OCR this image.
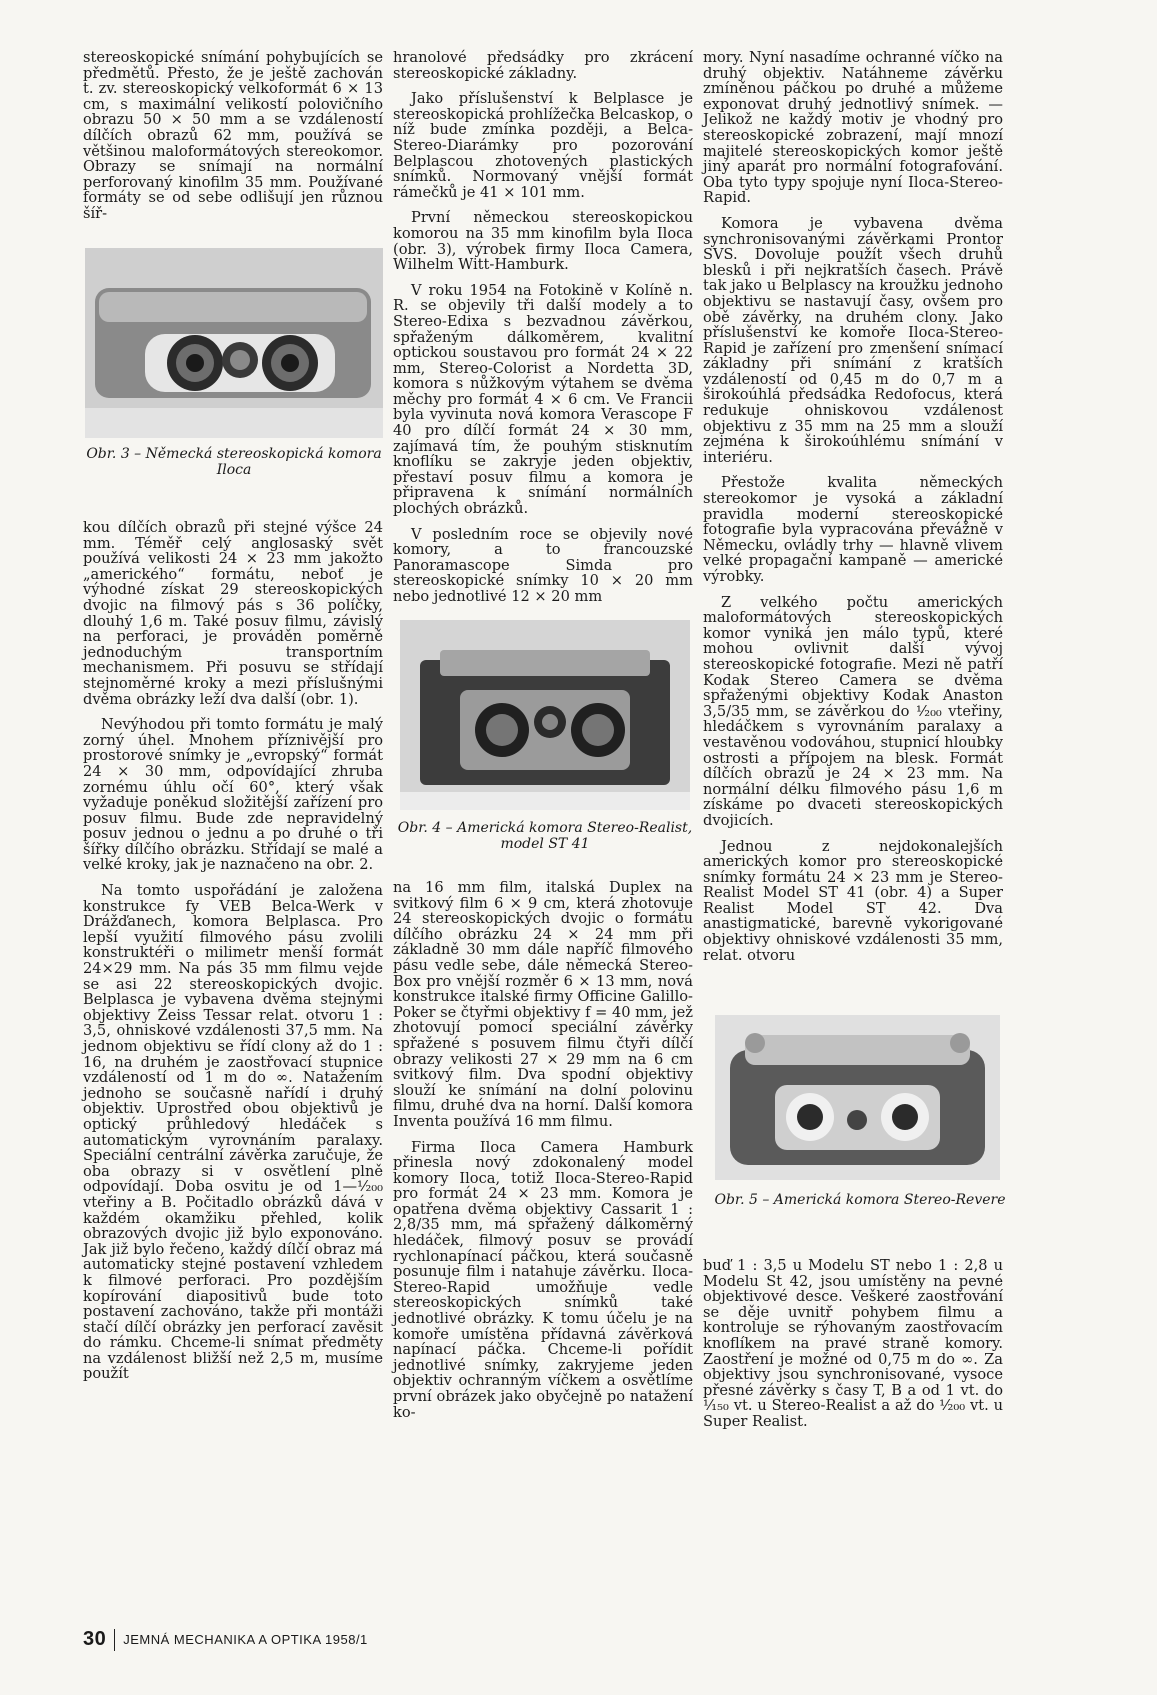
stereoskopické snímání pohybujících se předmětů. Přesto, že je ještě zachován t. zv. stereoskopický velkoformát 6 × 13 cm, s maximální velikostí polovičního obrazu 50 × 50 mm a se vzdáleností dílčích obrazů 62 mm, používá se většinou maloformátových stereokomor. Obrazy se snímají na normální perforovaný kinofilm 35 mm. Používané formáty se od sebe odlišují jen různou šíř-

Obr. 3 – Německá stereoskopická komora Iloca

kou dílčích obrazů při stejné výšce 24 mm. Téměř celý anglosaský svět používá velikosti 24 × 23 mm jakožto „amerického“ formátu, neboť je výhodné získat 29 stereoskopických dvojic na filmový pás s 36 políčky, dlouhý 1,6 m. Také posuv filmu, závislý na perforaci, je prováděn poměrně jednoduchým transportním mechanismem. Při posuvu se střídají stejnoměrné kroky a mezi příslušnými dvěma obrázky leží dva další (obr. 1).

Nevýhodou při tomto formátu je malý zorný úhel. Mnohem příznivější pro prostorové snímky je „evropský“ formát 24 × 30 mm, odpovídající zhruba zornému úhlu očí 60°, který však vyžaduje poněkud složitější zařízení pro posuv filmu. Bude zde nepravidelný posuv jednou o jednu a po druhé o tři šířky dílčího obrázku. Střídají se malé a velké kroky, jak je naznačeno na obr. 2.

Na tomto uspořádání je založena konstrukce fy VEB Belca-Werk v Drážďanech, komora Belplasca. Pro lepší využití filmového pásu zvolili konstruktéři o milimetr menší formát 24×29 mm. Na pás 35 mm filmu vejde se asi 22 stereoskopických dvojic. Belplasca je vybavena dvěma stejnými objektivy Zeiss Tessar relat. otvoru 1 : 3,5, ohniskové vzdálenosti 37,5 mm. Na jednom objektivu se řídí clony až do 1 : 16, na druhém je zaostřovací stupnice vzdáleností od 1 m do ∞. Natažením jednoho se současně nařídí i druhý objektiv. Uprostřed obou objektivů je optický průhledový hledáček s automatickým vyrovnáním paralaxy. Speciální centrální závěrka zaručuje, že oba obrazy si v osvětlení plně odpovídají. Doba osvitu je od 1—¹⁄₂₀₀ vteřiny a B. Počitadlo obrázků dává v každém okamžiku přehled, kolik obrazových dvojic již bylo exponováno. Jak již bylo řečeno, každý dílčí obraz má automaticky stejné postavení vzhledem k filmové perforaci. Pro pozdějším kopírování diapositivů bude toto postavení zachováno, takže při montáži stačí dílčí obrázky jen perforací zavěsit do rámku. Chceme-li snímat předměty na vzdálenost bližší než 2,5 m, musíme použít

hranolové předsádky pro zkrácení stereoskopické základny.

Jako příslušenství k Belplasce je stereoskopická prohlížečka Belcaskop, o níž bude zmínka později, a Belca-Stereo-Diarámky pro pozorování Belplascou zhotovených plastických snímků. Normovaný vnější formát rámečků je 41 × 101 mm.

První německou stereoskopickou komorou na 35 mm kinofilm byla Iloca (obr. 3), výrobek firmy Iloca Camera, Wilhelm Witt-Hamburk.

V roku 1954 na Fotokině v Kolíně n. R. se objevily tři další modely a to Stereo-Edixa s bezvadnou závěrkou, spřaženým dálkoměrem, kvalitní optickou soustavou pro formát 24 × 22 mm, Stereo-Colorist a Nordetta 3D, komora s nůžkovým výtahem se dvěma měchy pro formát 4 × 6 cm. Ve Francii byla vyvinuta nová komora Verascope F 40 pro dílčí formát 24 × 30 mm, zajímavá tím, že pouhým stisknutím knoflíku se zakryje jeden objektiv, přestaví posuv filmu a komora je připravena k snímání normálních plochých obrázků.

V posledním roce se objevily nové komory, a to francouzské Panoramascope Simda pro stereoskopické snímky 10 × 20 mm nebo jednotlivé 12 × 20 mm

Obr. 4 – Americká komora Stereo-Realist, model ST 41

na 16 mm film, italská Duplex na svitkový film 6 × 9 cm, která zhotovuje 24 stereoskopických dvojic o formátu dílčího obrázku 24 × 24 mm při základně 30 mm dále napříč filmového pásu vedle sebe, dále německá Stereo-Box pro vnější rozměr 6 × 13 mm, nová konstrukce italské firmy Officine Galillo-Poker se čtyřmi objektivy f = 40 mm, jež zhotovují pomocí speciální závěrky spřažené s posuvem filmu čtyři dílčí obrazy velikosti 27 × 29 mm na 6 cm svitkový film. Dva spodní objektivy slouží ke snímání na dolní polovinu filmu, druhé dva na horní. Další komora Inventa používá 16 mm filmu.

Firma Iloca Camera Hamburk přinesla nový zdokonalený model komory Iloca, totiž Iloca-Stereo-Rapid pro formát 24 × 23 mm. Komora je opatřena dvěma objektivy Cassarit 1 : 2,8/35 mm, má spřažený dálkoměrný hledáček, filmový posuv se provádí rychlonapínací páčkou, která současně posunuje film i natahuje závěrku. Iloca-Stereo-Rapid umožňuje vedle stereoskopických snímků také jednotlivé obrázky. K tomu účelu je na komoře umístěna přídavná závěrková napínací páčka. Chceme-li pořídit jednotlivé snímky, zakryjeme jeden objektiv ochranným víčkem a osvětlíme první obrázek jako obyčejně po natažení ko-

mory. Nyní nasadíme ochranné víčko na druhý objektiv. Natáhneme závěrku zmíněnou páčkou po druhé a můžeme exponovat druhý jednotlivý snímek. — Jelikož ne každý motiv je vhodný pro stereoskopické zobrazení, mají mnozí majitelé stereoskopických komor ještě jiný aparát pro normální fotografování. Oba tyto typy spojuje nyní Iloca-Stereo-Rapid.

Komora je vybavena dvěma synchronisovanými závěrkami Prontor SVS. Dovoluje použít všech druhů blesků i při nejkratších časech. Právě tak jako u Belplascy na kroužku jednoho objektivu se nastavují časy, ovšem pro obě závěrky, na druhém clony. Jako příslušenství ke komoře Iloca-Stereo-Rapid je zařízení pro zmenšení snímací základny při snímání z kratších vzdáleností od 0,45 m do 0,7 m a širokoúhlá předsádka Redofocus, která redukuje ohniskovou vzdálenost objektivu z 35 mm na 25 mm a slouží zejména k širokoúhlému snímání v interiéru.

Přestože kvalita německých stereokomor je vysoká a základní pravidla moderní stereoskopické fotografie byla vypracována převážně v Německu, ovládly trhy — hlavně vlivem velké propagační kampaně — americké výrobky.

Z velkého počtu amerických maloformátových stereoskopických komor vyniká jen málo typů, které mohou ovlivnit další vývoj stereoskopické fotografie. Mezi ně patří Kodak Stereo Camera se dvěma spřaženými objektivy Kodak Anaston 3,5/35 mm, se závěrkou do ¹⁄₂₀₀ vteřiny, hledáčkem s vyrovnáním paralaxy a vestavěnou vodováhou, stupnicí hloubky ostrosti a přípojem na blesk. Formát dílčích obrazů je 24 × 23 mm. Na normální délku filmového pásu 1,6 m získáme po dvaceti stereoskopických dvojicích.

Jednou z nejdokonalejších amerických komor pro stereoskopické snímky formátu 24 × 23 mm je Stereo-Realist Model ST 41 (obr. 4) a Super Realist Model ST 42. Dva anastigmatické, barevně vykorigované objektivy ohniskové vzdálenosti 35 mm, relat. otvoru

Obr. 5 – Americká komora Stereo-Revere

buď 1 : 3,5 u Modelu ST nebo 1 : 2,8 u Modelu St 42, jsou umístěny na pevné objektivové desce. Veškeré zaostřování se děje uvnitř pohybem filmu a kontroluje se rýhovaným zaostřovacím knoflíkem na pravé straně komory. Zaostření je možné od 0,75 m do ∞. Za objektivy jsou synchronisované, vysoce přesné závěrky s časy T, B a od 1 vt. do ¹⁄₁₅₀ vt. u Stereo-Realist a až do ¹⁄₂₀₀ vt. u Super Realist.

30 JEMNÁ MECHANIKA A OPTIKA 1958/1
